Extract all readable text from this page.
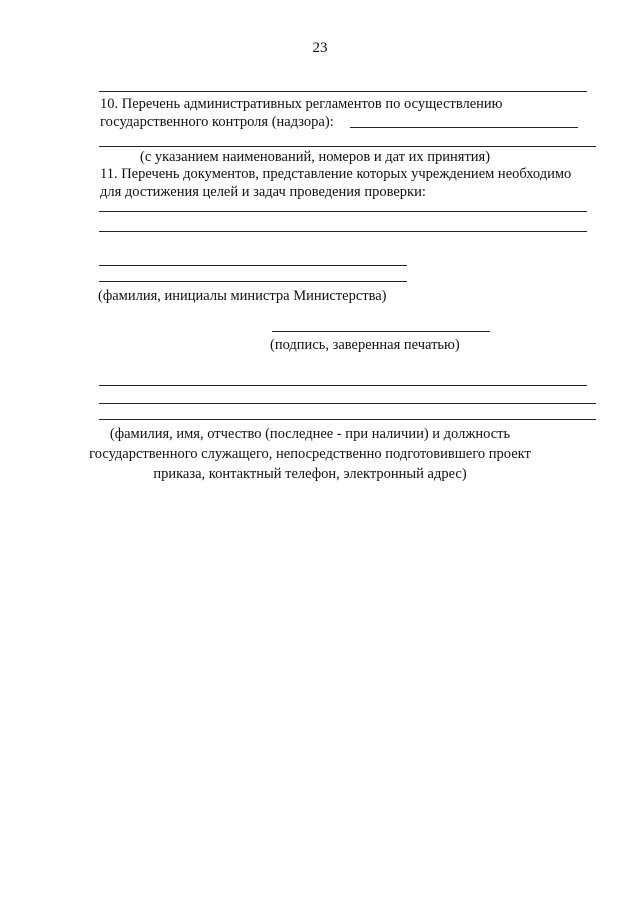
23
10. Перечень административных регламентов по осуществлению
государственного контроля (надзора):
(с указанием наименований, номеров и дат их принятия)
11. Перечень документов, представление которых учреждением необходимо
для достижения целей и задач проведения проверки:
(фамилия, инициалы министра Министерства)
(подпись, заверенная печатью)
(фамилия, имя, отчество (последнее - при наличии) и должность
государственного служащего, непосредственно подготовившего проект
приказа, контактный телефон, электронный адрес)
